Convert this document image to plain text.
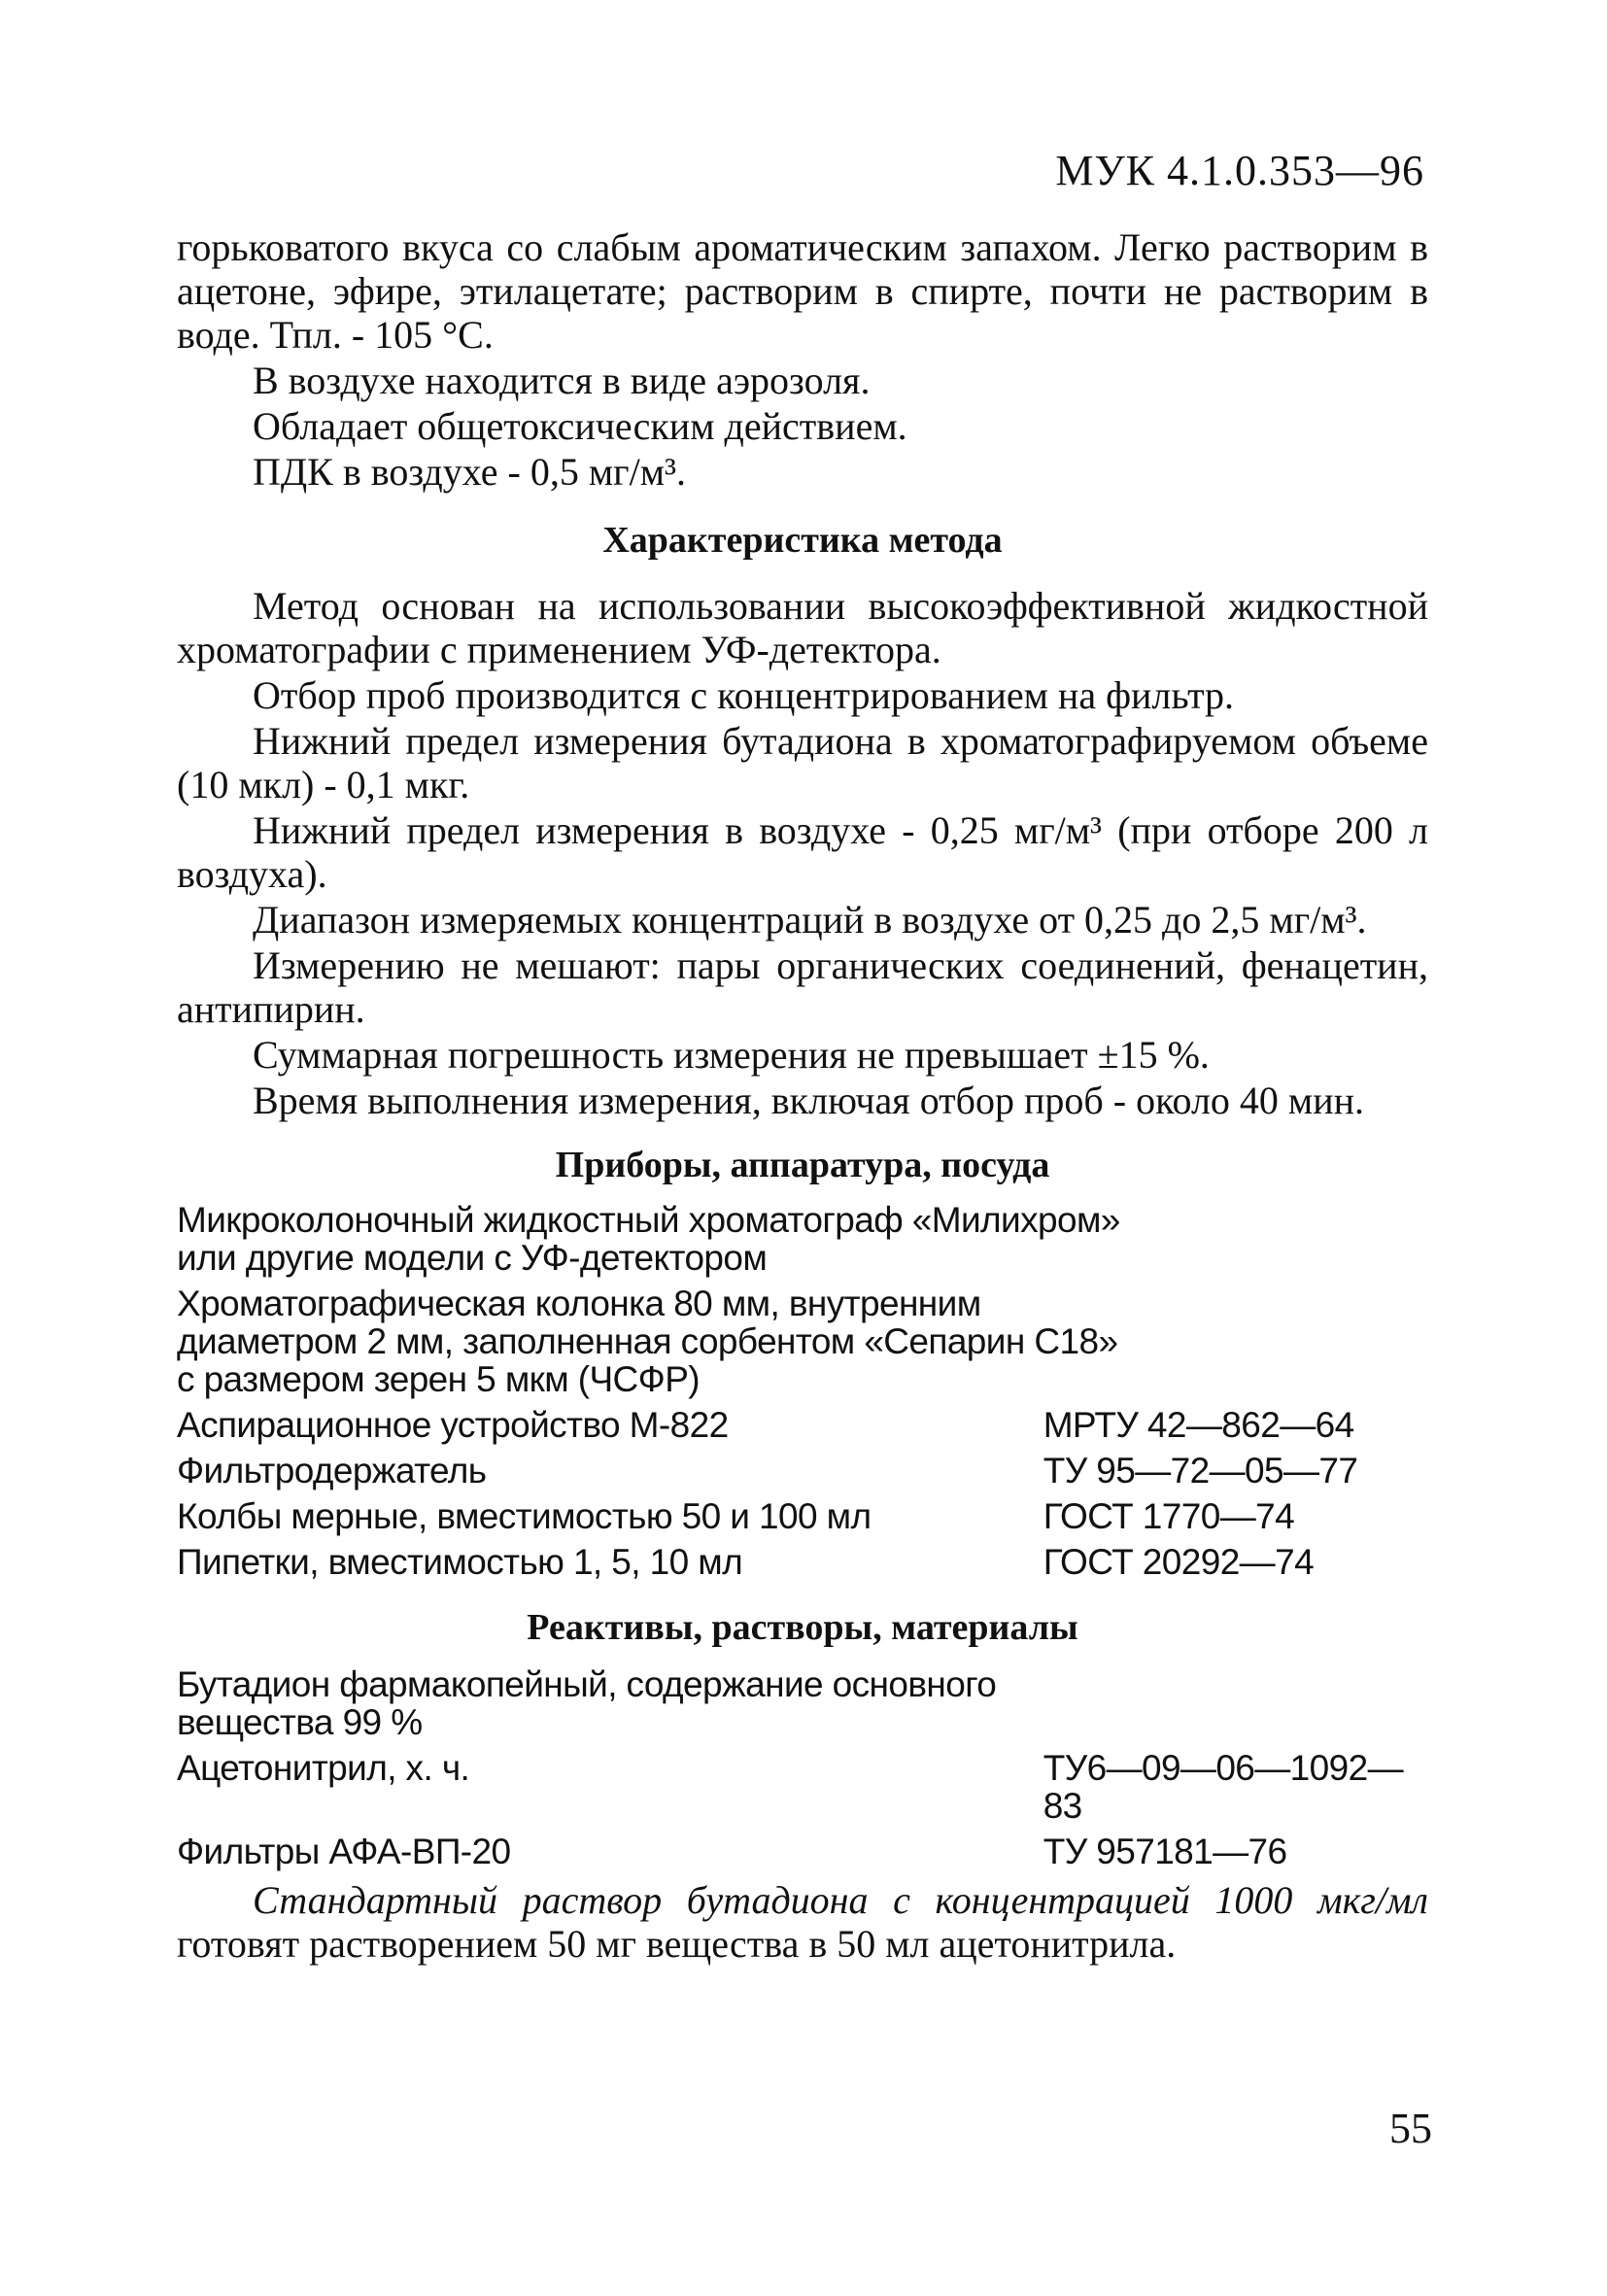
МУК 4.1.0.353—96

горьковатого вкуса со слабым ароматическим запахом. Легко растворим в ацетоне, эфире, этилацетате; растворим в спирте, почти не растворим в воде. Тпл. - 105 °С.

В воздухе находится в виде аэрозоля.

Обладает общетоксическим действием.

ПДК в воздухе - 0,5 мг/м³.

Характеристика метода

Метод основан на использовании высокоэффективной жидкостной хроматографии с применением УФ-детектора.

Отбор проб производится с концентрированием на фильтр.

Нижний предел измерения бутадиона в хроматографируемом объеме (10 мкл) - 0,1 мкг.

Нижний предел измерения в воздухе - 0,25 мг/м³ (при отборе 200 л воздуха).

Диапазон измеряемых концентраций в воздухе от 0,25 до 2,5 мг/м³.

Измерению не мешают: пары органических соединений, фенацетин, антипирин.

Суммарная погрешность измерения не превышает ±15 %.

Время выполнения измерения, включая отбор проб - около 40 мин.

Приборы, аппаратура, посуда
Микроколоночный жидкостный хроматограф «Милихром» или другие модели с УФ-детектором
Хроматографическая колонка 80 мм, внутренним диаметром 2 мм, заполненная сорбентом «Сепарин C18» с размером зерен 5 мкм (ЧСФР)
Аспирационное устройство М-822	МРТУ 42—862—64
Фильтродержатель	ТУ 95—72—05—77
Колбы мерные, вместимостью 50 и 100 мл	ГОСТ 1770—74
Пипетки, вместимостью 1, 5, 10 мл	ГОСТ 20292—74
Реактивы, растворы, материалы
Бутадион фармакопейный, содержание основного вещества 99 %
Ацетонитрил, х. ч.	ТУ6—09—06—1092—83
Фильтры АФА-ВП-20	ТУ 957181—76

Стандартный раствор бутадиона с концентрацией 1000 мкг/мл готовят растворением 50 мг вещества в 50 мл ацетонитрила.

55
